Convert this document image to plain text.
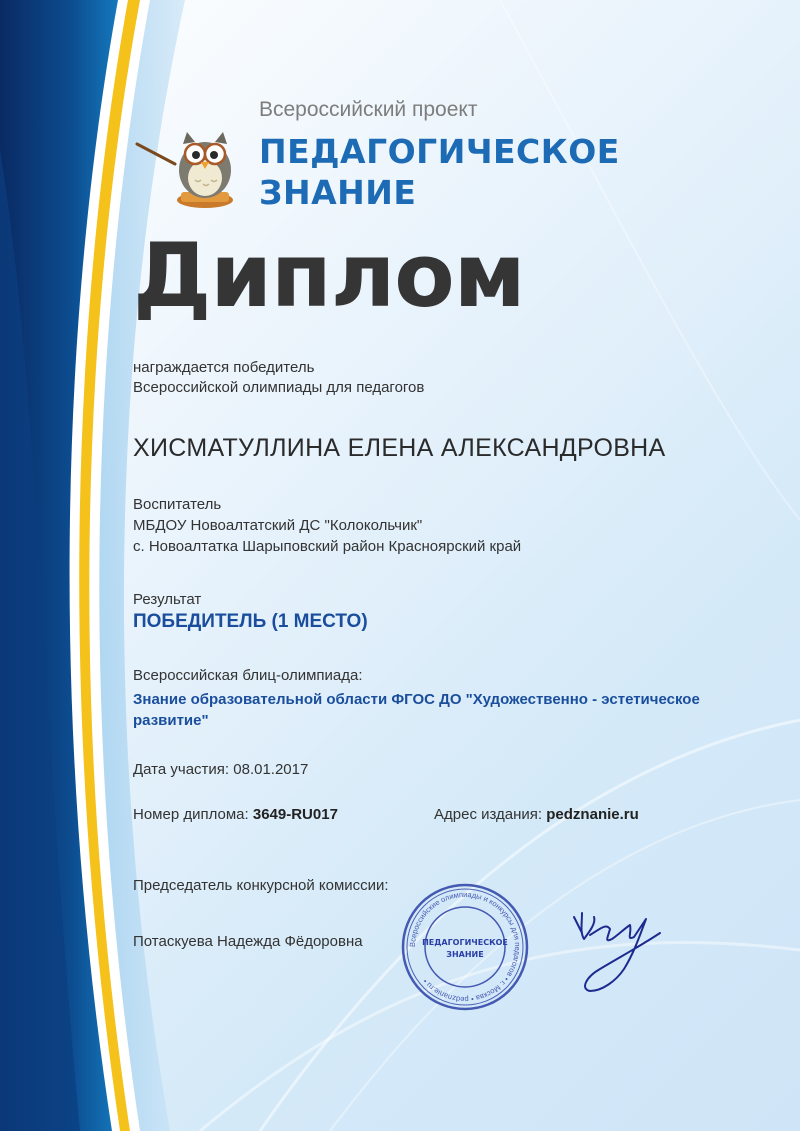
Всероссийский проект
ПЕДАГОГИЧЕСКОЕ
ЗНАНИЕ
Диплом
награждается победитель
Всероссийской олимпиады для педагогов
ХИСМАТУЛЛИНА ЕЛЕНА АЛЕКСАНДРОВНА
Воспитатель
МБДОУ Новоалтатский ДС "Колокольчик"
с. Новоалтатка Шарыповский район Красноярский край
Результат
ПОБЕДИТЕЛЬ (1 МЕСТО)
Всероссийская блиц-олимпиада:
Знание образовательной области ФГОС ДО "Художественно - эстетическое развитие"
Дата участия: 08.01.2017
Номер диплома: 3649-RU017	Адрес издания: pedznanie.ru
Председатель конкурсной комиссии:
Потаскуева Надежда Фёдоровна	Всероссийские олимпиады и конкурсы для педагогов • г. Москва • pedznanie.ru •
ПЕДАГОГИЧЕСКОЕ
ЗНАНИЕ
